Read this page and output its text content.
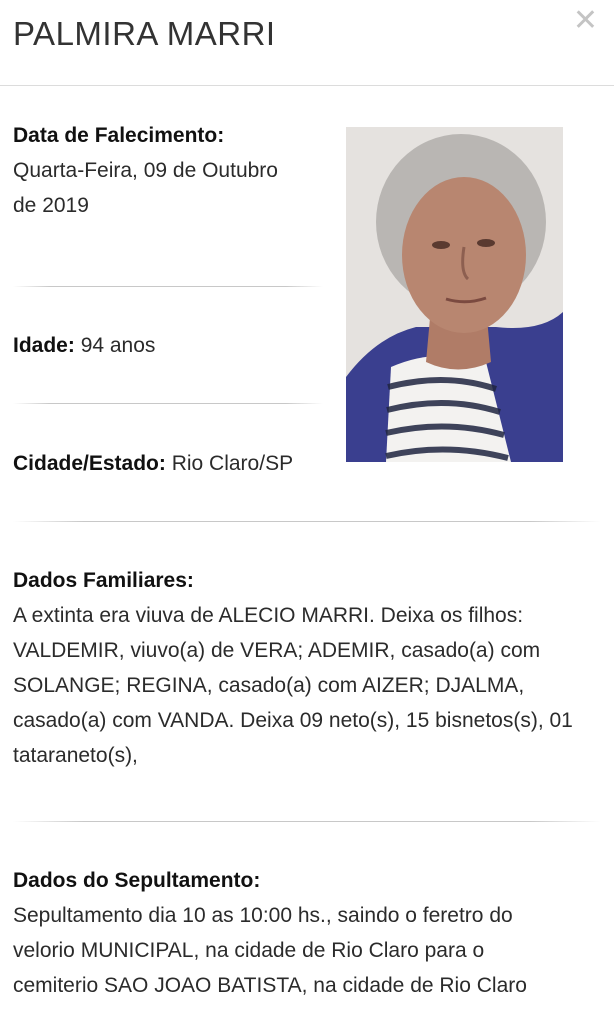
PALMIRA MARRI	✕
Data de Falecimento:
Quarta-Feira, 09 de Outubro
de 2019
Idade: 94 anos
Cidade/Estado: Rio Claro/SP
Dados Familiares:
A extinta era viuva de ALECIO MARRI. Deixa os filhos:
VALDEMIR, viuvo(a) de VERA; ADEMIR, casado(a) com
SOLANGE; REGINA, casado(a) com AIZER; DJALMA,
casado(a) com VANDA. Deixa 09 neto(s), 15 bisnetos(s), 01
tataraneto(s),
Dados do Sepultamento:
Sepultamento dia 10 as 10:00 hs., saindo o feretro do
velorio MUNICIPAL, na cidade de Rio Claro para o
cemiterio SAO JOAO BATISTA, na cidade de Rio Claro
